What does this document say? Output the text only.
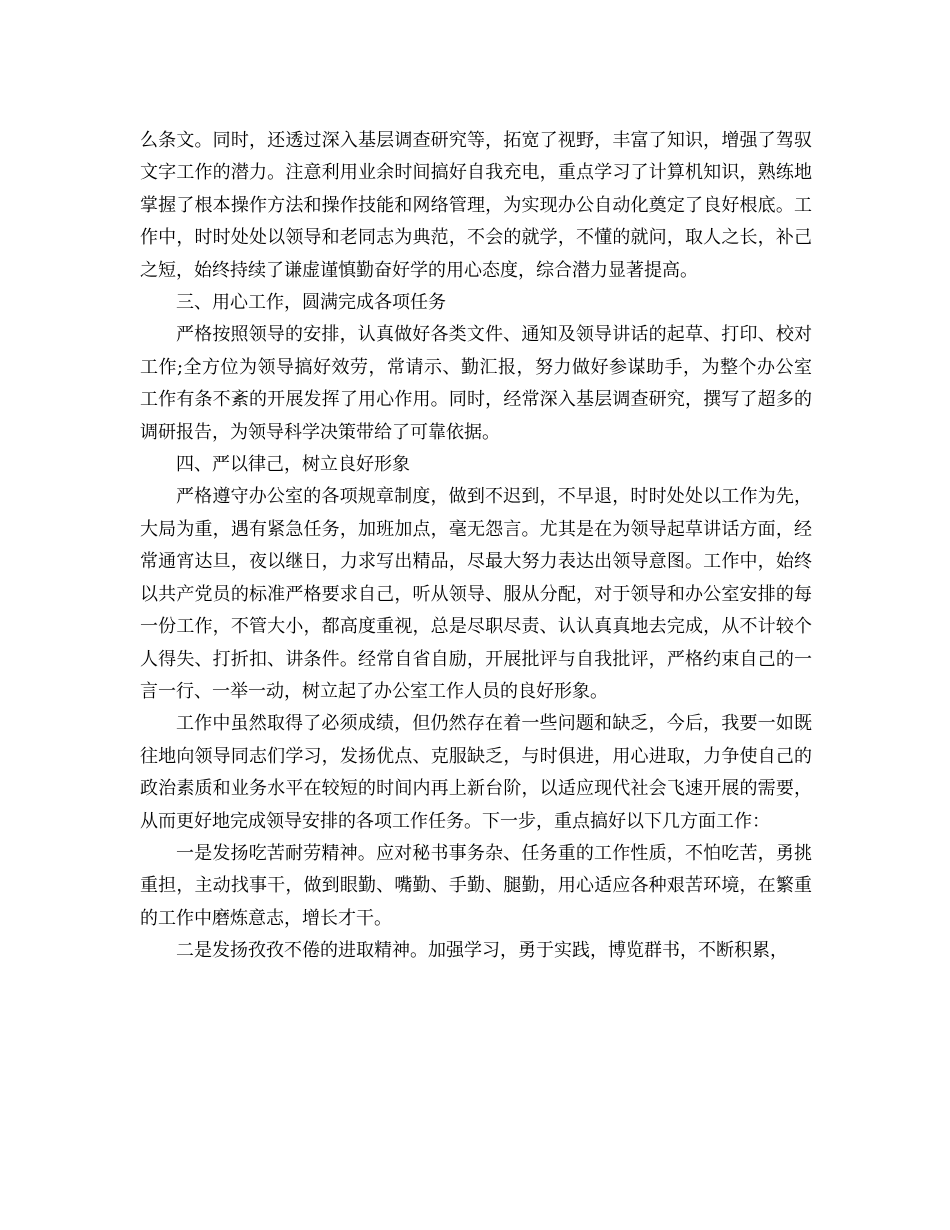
么条文。同时，还透过深入基层调查研究等，拓宽了视野，丰富了知识，增强了驾驭文字工作的潜力。注意利用业余时间搞好自我充电，重点学习了计算机知识，熟练地掌握了根本操作方法和操作技能和网络管理，为实现办公自动化奠定了良好根底。工作中，时时处处以领导和老同志为典范，不会的就学，不懂的就问，取人之长，补己之短，始终持续了谦虚谨慎勤奋好学的用心态度，综合潜力显著提高。

三、用心工作，圆满完成各项任务

严格按照领导的安排，认真做好各类文件、通知及领导讲话的起草、打印、校对工作;全方位为领导搞好效劳，常请示、勤汇报，努力做好参谋助手，为整个办公室工作有条不紊的开展发挥了用心作用。同时，经常深入基层调查研究，撰写了超多的调研报告，为领导科学决策带给了可靠依据。

四、严以律己，树立良好形象

严格遵守办公室的各项规章制度，做到不迟到，不早退，时时处处以工作为先，大局为重，遇有紧急任务，加班加点，毫无怨言。尤其是在为领导起草讲话方面，经常通宵达旦，夜以继日，力求写出精品，尽最大努力表达出领导意图。工作中，始终以共产党员的标准严格要求自己，听从领导、服从分配，对于领导和办公室安排的每一份工作，不管大小，都高度重视，总是尽职尽责、认认真真地去完成，从不计较个人得失、打折扣、讲条件。经常自省自励，开展批评与自我批评，严格约束自己的一言一行、一举一动，树立起了办公室工作人员的良好形象。

工作中虽然取得了必须成绩，但仍然存在着一些问题和缺乏，今后，我要一如既往地向领导同志们学习，发扬优点、克服缺乏，与时俱进，用心进取，力争使自己的政治素质和业务水平在较短的时间内再上新台阶，以适应现代社会飞速开展的需要，从而更好地完成领导安排的各项工作任务。下一步，重点搞好以下几方面工作：

一是发扬吃苦耐劳精神。应对秘书事务杂、任务重的工作性质，不怕吃苦，勇挑重担，主动找事干，做到眼勤、嘴勤、手勤、腿勤，用心适应各种艰苦环境，在繁重的工作中磨炼意志，增长才干。

二是发扬孜孜不倦的进取精神。加强学习，勇于实践，博览群书，不断积累，
